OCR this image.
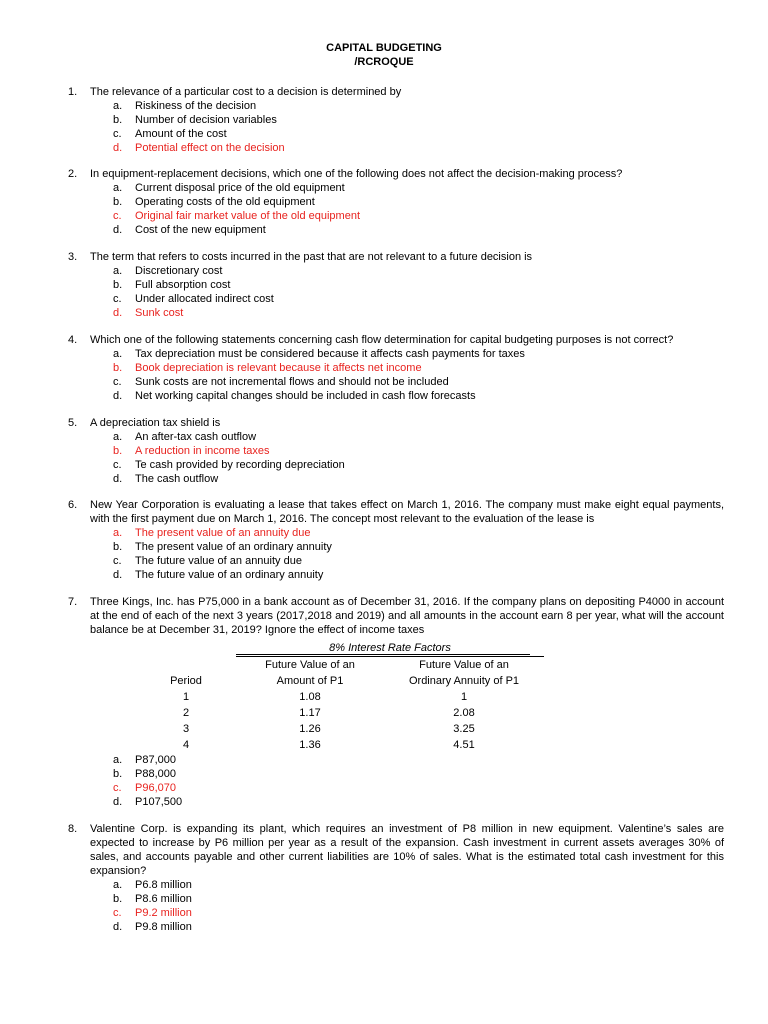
CAPITAL BUDGETING
/RCROQUE
1. The relevance of a particular cost to a decision is determined by
a. Riskiness of the decision
b. Number of decision variables
c. Amount of the cost
d. Potential effect on the decision
2. In equipment-replacement decisions, which one of the following does not affect the decision-making process?
a. Current disposal price of the old equipment
b. Operating costs of the old equipment
c. Original fair market value of the old equipment
d. Cost of the new equipment
3. The term that refers to costs incurred in the past that are not relevant to a future decision is
a. Discretionary cost
b. Full absorption cost
c. Under allocated indirect cost
d. Sunk cost
4. Which one of the following statements concerning cash flow determination for capital budgeting purposes is not correct?
a. Tax depreciation must be considered because it affects cash payments for taxes
b. Book depreciation is relevant because it affects net income
c. Sunk costs are not incremental flows and should not be included
d. Net working capital changes should be included in cash flow forecasts
5. A depreciation tax shield is
a. An after-tax cash outflow
b. A reduction in income taxes
c. Te cash provided by recording depreciation
d. The cash outflow
6. New Year Corporation is evaluating a lease that takes effect on March 1, 2016. The company must make eight equal payments, with the first payment due on March 1, 2016. The concept most relevant to the evaluation of the lease is
a. The present value of an annuity due
b. The present value of an ordinary annuity
c. The future value of an annuity due
d. The future value of an ordinary annuity
7. Three Kings, Inc. has P75,000 in a bank account as of December 31, 2016. If the company plans on depositing P4000 in account at the end of each of the next 3 years (2017,2018 and 2019) and all amounts in the account earn 8 per year, what will the account balance be at December 31, 2019? Ignore the effect of income taxes
	8% Interest Rate Factors	
	Future Value of an	Future Value of an
Period	Amount of P1	Ordinary Annuity of P1
1	1.08	1
2	1.17	2.08
3	1.26	3.25
4	1.36	4.51
a. P87,000
b. P88,000
c. P96,070
d. P107,500
8. Valentine Corp. is expanding its plant, which requires an investment of P8 million in new equipment. Valentine’s sales are expected to increase by P6 million per year as a result of the expansion. Cash investment in current assets averages 30% of sales, and accounts payable and other current liabilities are 10% of sales. What is the estimated total cash investment for this expansion?
a. P6.8 million
b. P8.6 million
c. P9.2 million
d. P9.8 million
